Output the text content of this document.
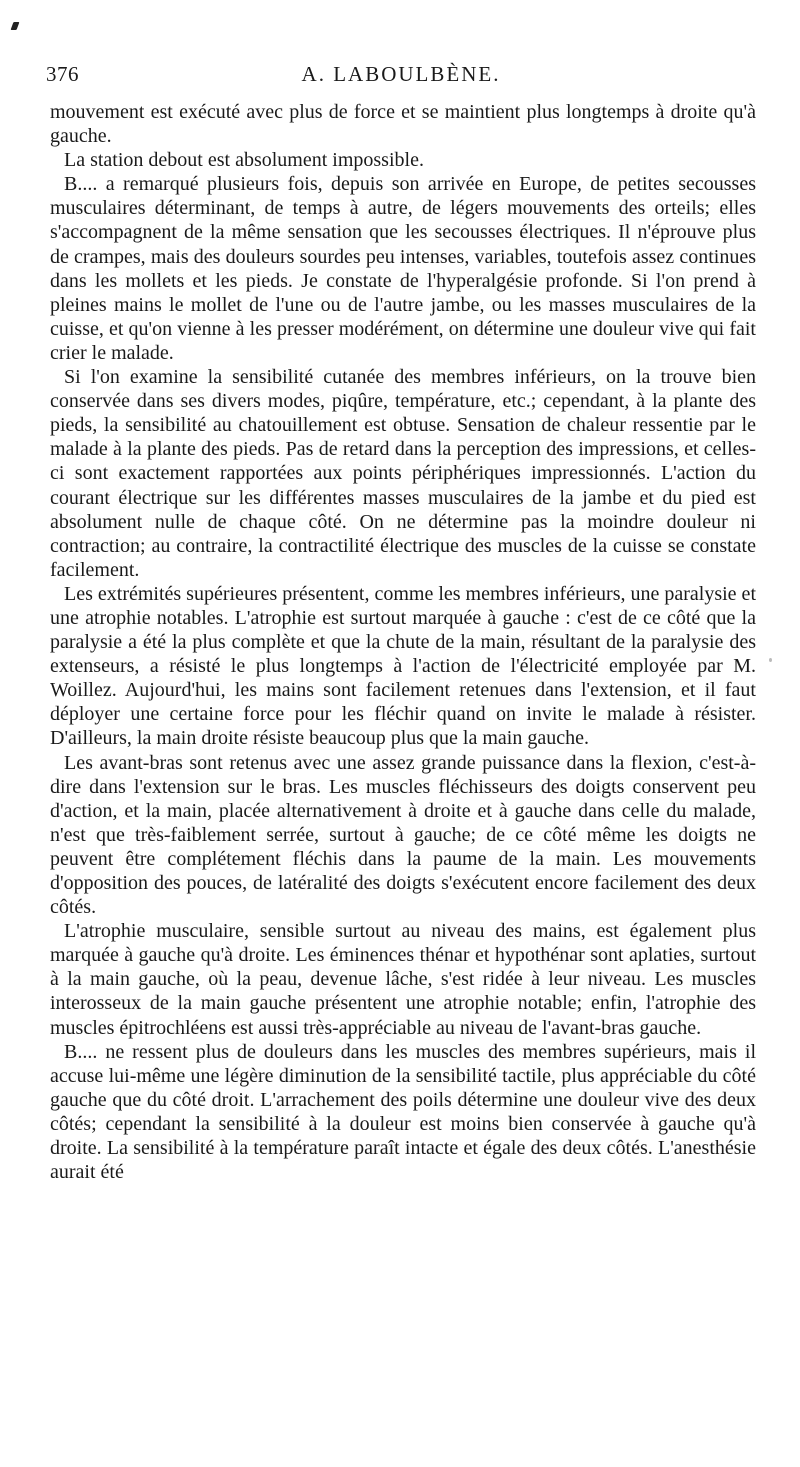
376	A. LABOULBÈNE.

mouvement est exécuté avec plus de force et se maintient plus longtemps à droite qu'à gauche.

La station debout est absolument impossible.

B.... a remarqué plusieurs fois, depuis son arrivée en Europe, de petites secousses musculaires déterminant, de temps à autre, de légers mouvements des orteils; elles s'accompagnent de la même sensation que les secousses électriques. Il n'éprouve plus de crampes, mais des douleurs sourdes peu intenses, variables, toutefois assez continues dans les mollets et les pieds. Je constate de l'hyperalgésie profonde. Si l'on prend à pleines mains le mollet de l'une ou de l'autre jambe, ou les masses musculaires de la cuisse, et qu'on vienne à les presser modérément, on détermine une douleur vive qui fait crier le malade.

Si l'on examine la sensibilité cutanée des membres inférieurs, on la trouve bien conservée dans ses divers modes, piqûre, température, etc.; cependant, à la plante des pieds, la sensibilité au chatouillement est obtuse. Sensation de chaleur ressentie par le malade à la plante des pieds. Pas de retard dans la perception des impressions, et celles-ci sont exactement rapportées aux points périphériques impressionnés. L'action du courant électrique sur les différentes masses musculaires de la jambe et du pied est absolument nulle de chaque côté. On ne détermine pas la moindre douleur ni contraction; au contraire, la contractilité électrique des muscles de la cuisse se constate facilement.

Les extrémités supérieures présentent, comme les membres inférieurs, une paralysie et une atrophie notables. L'atrophie est surtout marquée à gauche : c'est de ce côté que la paralysie a été la plus complète et que la chute de la main, résultant de la paralysie des extenseurs, a résisté le plus longtemps à l'action de l'électricité employée par M. Woillez. Aujourd'hui, les mains sont facilement retenues dans l'extension, et il faut déployer une certaine force pour les fléchir quand on invite le malade à résister. D'ailleurs, la main droite résiste beaucoup plus que la main gauche.

Les avant-bras sont retenus avec une assez grande puissance dans la flexion, c'est-à-dire dans l'extension sur le bras. Les muscles fléchisseurs des doigts conservent peu d'action, et la main, placée alternativement à droite et à gauche dans celle du malade, n'est que très-faiblement serrée, surtout à gauche; de ce côté même les doigts ne peuvent être complétement fléchis dans la paume de la main. Les mouvements d'opposition des pouces, de latéralité des doigts s'exécutent encore facilement des deux côtés.

L'atrophie musculaire, sensible surtout au niveau des mains, est également plus marquée à gauche qu'à droite. Les éminences thénar et hypothénar sont aplaties, surtout à la main gauche, où la peau, devenue lâche, s'est ridée à leur niveau. Les muscles interosseux de la main gauche présentent une atrophie notable; enfin, l'atrophie des muscles épitrochléens est aussi très-appréciable au niveau de l'avant-bras gauche.

B.... ne ressent plus de douleurs dans les muscles des membres supérieurs, mais il accuse lui-même une légère diminution de la sensibilité tactile, plus appréciable du côté gauche que du côté droit. L'arrachement des poils détermine une douleur vive des deux côtés; cependant la sensibilité à la douleur est moins bien conservée à gauche qu'à droite. La sensibilité à la température paraît intacte et égale des deux côtés. L'anesthésie aurait été
